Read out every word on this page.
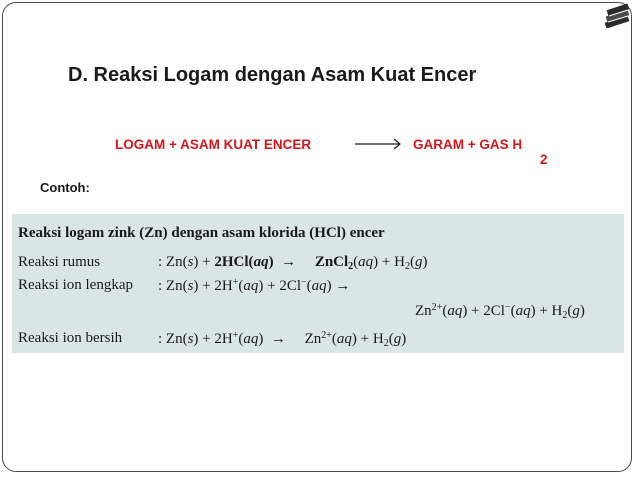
D. Reaksi Logam dengan Asam Kuat Encer
LOGAM + ASAM KUAT ENCER	→ GARAM + GAS H
2
Contoh:
Reaksi logam zink (Zn) dengan asam klorida (HCl) encer
Reaksi rumus	: Zn(s) + 2HCl(aq)  →     ZnCl$_2$(aq) + $H_2(g)$
Reaksi ion lengkap : Zn(s) + 2H+(aq) + 2Cl−(aq) →
$Zn^{2+}(aq) + 2Cl^-(aq) + H_2(g)$
Reaksi ion bersih : Zn(s) + 2H+(aq)  →     $Zn^{2+}(aq) + H_2(g)$
